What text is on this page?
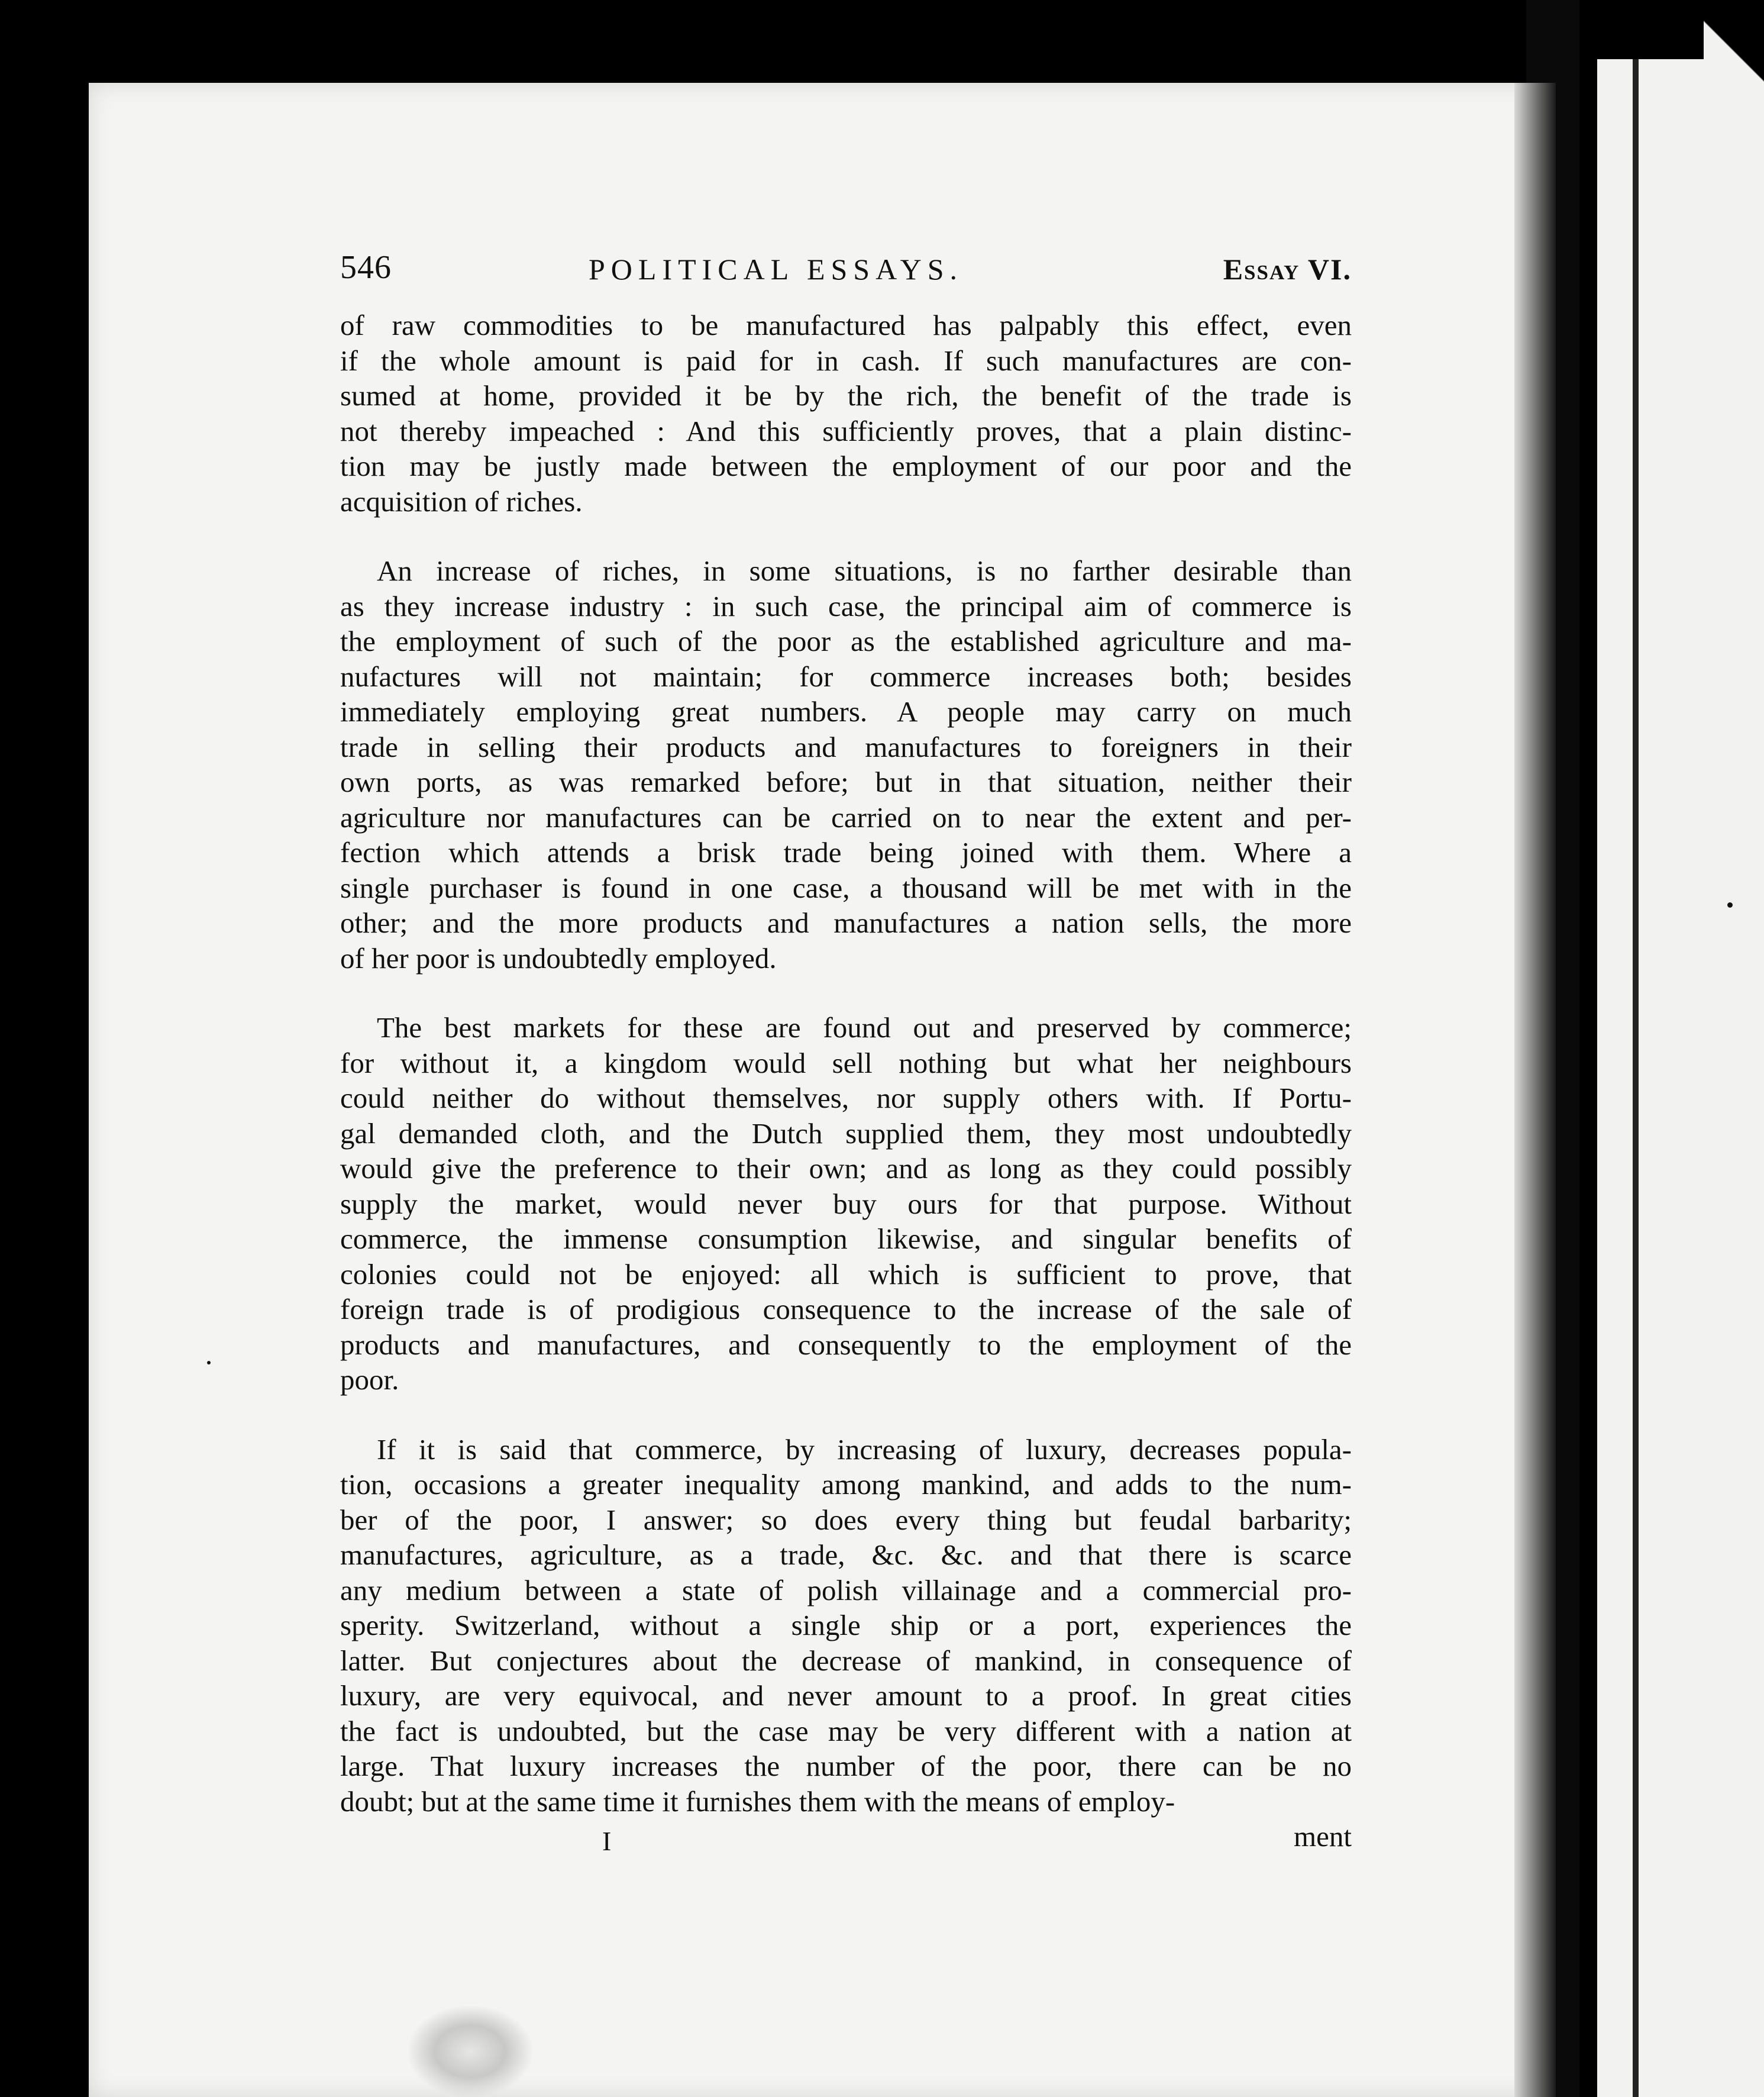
546	POLITICAL ESSAYS.	Essay VI.

of raw commodities to be manufactured has palpably this effect, even
if the whole amount is paid for in cash. If such manufactures are con-
sumed at home, provided it be by the rich, the benefit of the trade is
not thereby impeached : And this sufficiently proves, that a plain distinc-
tion may be justly made between the employment of our poor and the
acquisition of riches.

An increase of riches, in some situations, is no farther desirable than
as they increase industry : in such case, the principal aim of commerce is
the employment of such of the poor as the established agriculture and ma-
nufactures will not maintain; for commerce increases both; besides
immediately employing great numbers. A people may carry on much
trade in selling their products and manufactures to foreigners in their
own ports, as was remarked before; but in that situation, neither their
agriculture nor manufactures can be carried on to near the extent and per-
fection which attends a brisk trade being joined with them. Where a
single purchaser is found in one case, a thousand will be met with in the
other; and the more products and manufactures a nation sells, the more
of her poor is undoubtedly employed.

The best markets for these are found out and preserved by commerce;
for without it, a kingdom would sell nothing but what her neighbours
could neither do without themselves, nor supply others with. If Portu-
gal demanded cloth, and the Dutch supplied them, they most undoubtedly
would give the preference to their own; and as long as they could possibly
supply the market, would never buy ours for that purpose. Without
commerce, the immense consumption likewise, and singular benefits of
colonies could not be enjoyed: all which is sufficient to prove, that
foreign trade is of prodigious consequence to the increase of the sale of
products and manufactures, and consequently to the employment of the
poor.

If it is said that commerce, by increasing of luxury, decreases popula-
tion, occasions a greater inequality among mankind, and adds to the num-
ber of the poor, I answer; so does every thing but feudal barbarity;
manufactures, agriculture, as a trade, &c. &c. and that there is scarce
any medium between a state of polish villainage and a commercial pro-
sperity. Switzerland, without a single ship or a port, experiences the
latter. But conjectures about the decrease of mankind, in consequence of
luxury, are very equivocal, and never amount to a proof. In great cities
the fact is undoubted, but the case may be very different with a nation at
large. That luxury increases the number of the poor, there can be no
doubt; but at the same time it furnishes them with the means of employ-

ment
I
